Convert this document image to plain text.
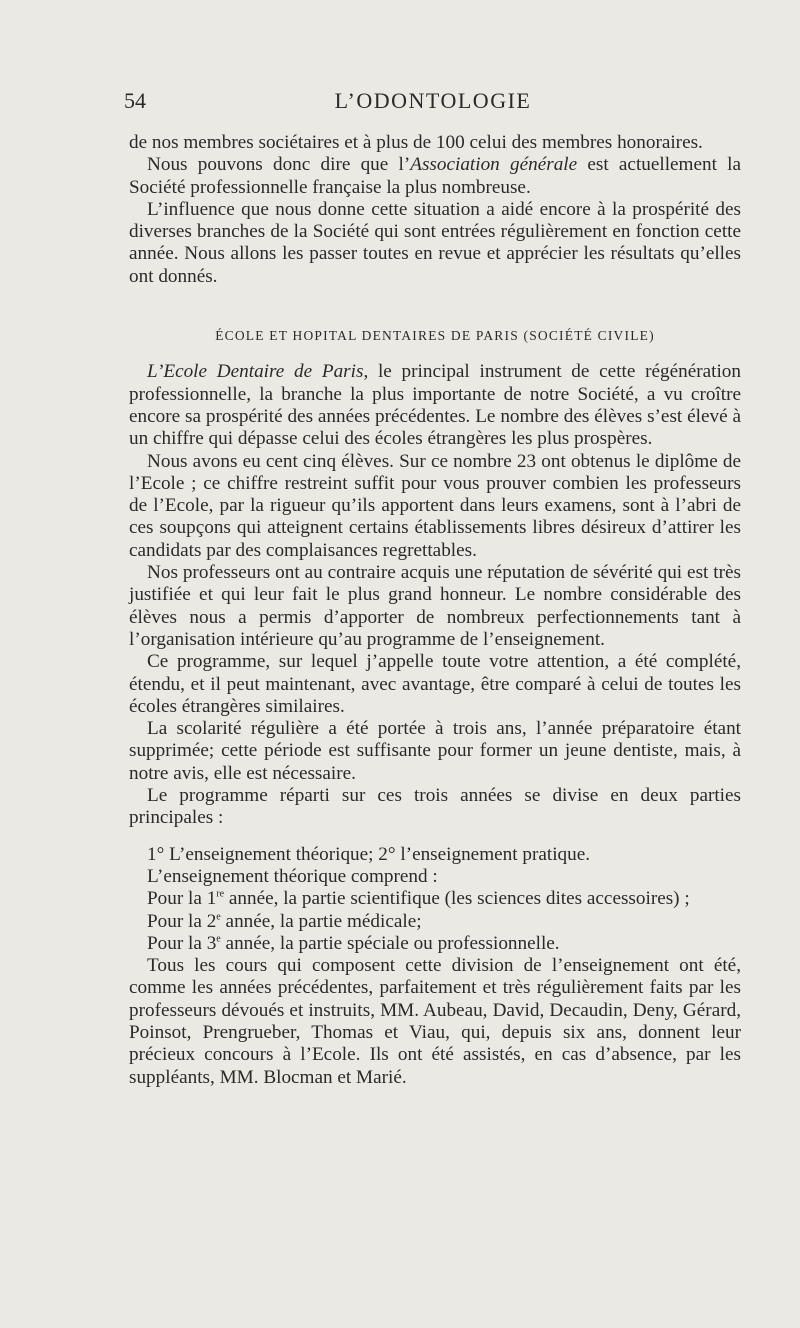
54	L’ODONTOLOGIE

de nos membres sociétaires et à plus de 100 celui des membres honoraires.

Nous pouvons donc dire que l’Association générale est actuellement la Société professionnelle française la plus nombreuse.

L’influence que nous donne cette situation a aidé encore à la prospérité des diverses branches de la Société qui sont entrées régulièrement en fonction cette année. Nous allons les passer toutes en revue et apprécier les résultats qu’elles ont donnés.

ÉCOLE ET HOPITAL DENTAIRES DE PARIS (SOCIÉTÉ CIVILE)

L’Ecole Dentaire de Paris, le principal instrument de cette régénération professionnelle, la branche la plus importante de notre Société, a vu croître encore sa prospérité des années précédentes. Le nombre des élèves s’est élevé à un chiffre qui dépasse celui des écoles étrangères les plus prospères.

Nous avons eu cent cinq élèves. Sur ce nombre 23 ont obtenus le diplôme de l’Ecole ; ce chiffre restreint suffit pour vous prouver combien les professeurs de l’Ecole, par la rigueur qu’ils apportent dans leurs examens, sont à l’abri de ces soupçons qui atteignent certains établissements libres désireux d’attirer les candidats par des complaisances regrettables.

Nos professeurs ont au contraire acquis une réputation de sévérité qui est très justifiée et qui leur fait le plus grand honneur. Le nombre considérable des élèves nous a permis d’apporter de nombreux perfectionnements tant à l’organisation intérieure qu’au programme de l’enseignement.

Ce programme, sur lequel j’appelle toute votre attention, a été complété, étendu, et il peut maintenant, avec avantage, être comparé à celui de toutes les écoles étrangères similaires.

La scolarité régulière a été portée à trois ans, l’année préparatoire étant supprimée; cette période est suffisante pour former un jeune dentiste, mais, à notre avis, elle est nécessaire.

Le programme réparti sur ces trois années se divise en deux parties principales :

1° L’enseignement théorique; 2° l’enseignement pratique.

L’enseignement théorique comprend :

Pour la 1re année, la partie scientifique (les sciences dites accessoires) ;

Pour la 2e année, la partie médicale;

Pour la 3e année, la partie spéciale ou professionnelle.

Tous les cours qui composent cette division de l’enseignement ont été, comme les années précédentes, parfaitement et très régulièrement faits par les professeurs dévoués et instruits, MM. Aubeau, David, Decaudin, Deny, Gérard, Poinsot, Prengrueber, Thomas et Viau, qui, depuis six ans, donnent leur précieux concours à l’Ecole. Ils ont été assistés, en cas d’absence, par les suppléants, MM. Blocman et Marié.
